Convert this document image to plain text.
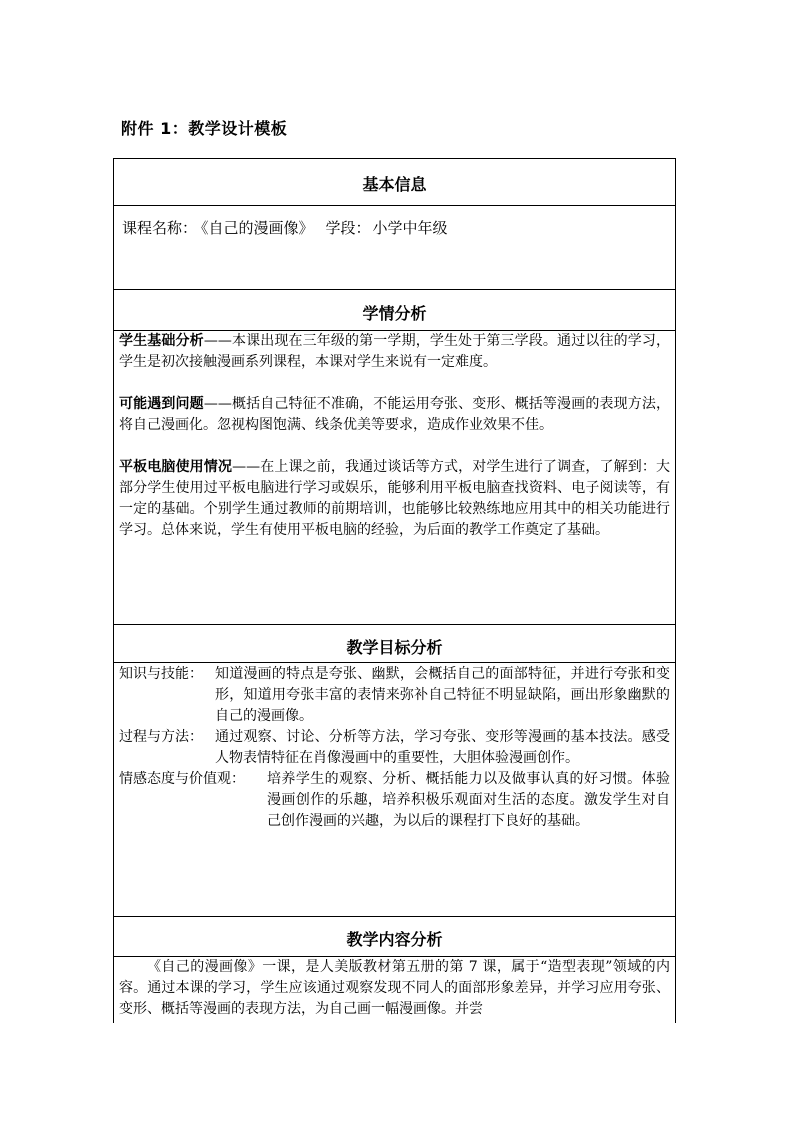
附件 1：教学设计模板
基本信息
课程名称： 《自己的漫画像》 学段： 小学中年级
学情分析

学生基础分析——本课出现在三年级的第一学期，学生处于第三学段。通过以往的学习，学生是初次接触漫画系列课程，本课对学生来说有一定难度。

可能遇到问题——概括自己特征不准确，不能运用夸张、变形、概括等漫画的表现方法，将自己漫画化。忽视构图饱满、线条优美等要求，造成作业效果不佳。

平板电脑使用情况——在上课之前，我通过谈话等方式，对学生进行了调查，了解到：大部分学生使用过平板电脑进行学习或娱乐，能够利用平板电脑查找资料、电子阅读等，有一定的基础。个别学生通过教师的前期培训，也能够比较熟练地应用其中的相关功能进行学习。总体来说，学生有使用平板电脑的经验，为后面的教学工作奠定了基础。

教学目标分析
知识与技能： 知道漫画的特点是夸张、幽默，会概括自己的面部特征，并进行夸张和变形，知道用夸张丰富的表情来弥补自己特征不明显缺陷，画出形象幽默的自己的漫画像。
过程与方法： 通过观察、讨论、分析等方法，学习夸张、变形等漫画的基本技法。感受人物表情特征在肖像漫画中的重要性，大胆体验漫画创作。
情感态度与价值观：	培养学生的观察、分析、概括能力以及做事认真的好习惯。体验漫画创作的乐趣，培养积极乐观面对生活的态度。激发学生对自己创作漫画的兴趣，为以后的课程打下良好的基础。
教学内容分析

《自己的漫画像》一课，是人美版教材第五册的第 7 课，属于“造型表现”领域的内容。通过本课的学习，学生应该通过观察发现不同人的面部形象差异，并学习应用夸张、变形、概括等漫画的表现方法，为自己画一幅漫画像。并尝
